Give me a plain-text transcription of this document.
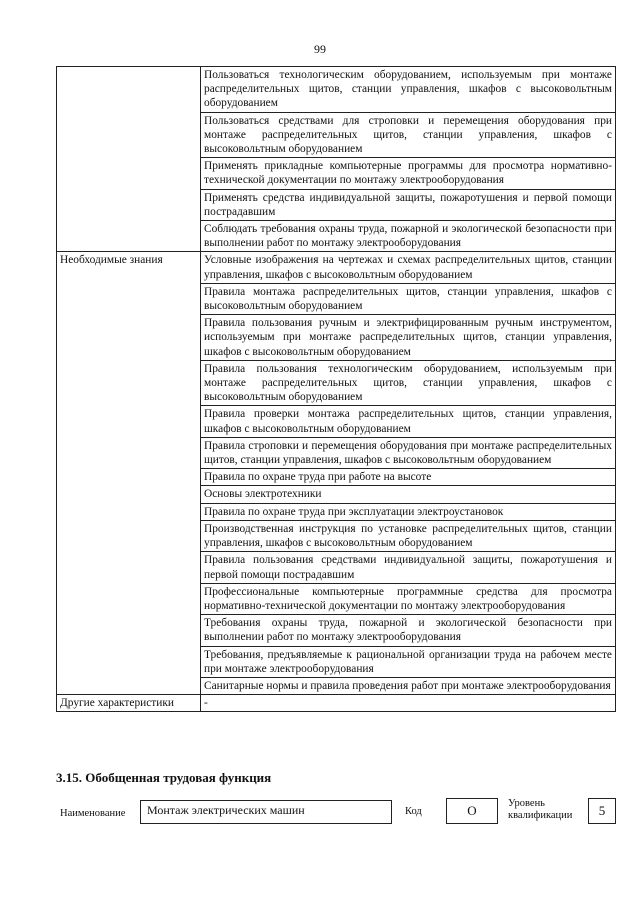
99
	Пользоваться технологическим оборудованием, используемым при монтаже распределительных щитов, станции управления, шкафов с высоковольтным оборудованием
	Пользоваться средствами для строповки и перемещения оборудования при монтаже распределительных щитов, станции управления, шкафов с высоковольтным оборудованием
	Применять прикладные компьютерные программы для просмотра нормативно-технической документации по монтажу электрооборудования
	Применять средства индивидуальной защиты, пожаротушения и первой помощи пострадавшим
	Соблюдать требования охраны труда, пожарной и экологической безопасности при выполнении работ по монтажу электрооборудования
Необходимые знания	Условные изображения на чертежах и схемах распределительных щитов, станции управления, шкафов с высоковольтным оборудованием
	Правила монтажа распределительных щитов, станции управления, шкафов с высоковольтным оборудованием
	Правила пользования ручным и электрифицированным ручным инструментом, используемым при монтаже распределительных щитов, станции управления, шкафов с высоковольтным оборудованием
	Правила пользования технологическим оборудованием, используемым при монтаже распределительных щитов, станции управления, шкафов с высоковольтным оборудованием
	Правила проверки монтажа распределительных щитов, станции управления, шкафов с высоковольтным оборудованием
	Правила строповки и перемещения оборудования при монтаже распределительных щитов, станции управления, шкафов с высоковольтным оборудованием
	Правила по охране труда при работе на высоте
	Основы электротехники
	Правила по охране труда при эксплуатации электроустановок
	Производственная инструкция по установке распределительных щитов, станции управления, шкафов с высоковольтным оборудованием
	Правила пользования средствами индивидуальной защиты, пожаротушения и первой помощи пострадавшим
	Профессиональные компьютерные программные средства для просмотра нормативно-технической документации по монтажу электрооборудования
	Требования охраны труда, пожарной и экологической безопасности при выполнении работ по монтажу электрооборудования
	Требования, предъявляемые к рациональной организации труда на рабочем месте при монтаже электрооборудования
	Санитарные нормы и правила проведения работ при монтаже электрооборудования
Другие характеристики	-
3.15. Обобщенная трудовая функция
Наименование	Монтаж электрических машин	Код	О	Уровень
квалификации	5
